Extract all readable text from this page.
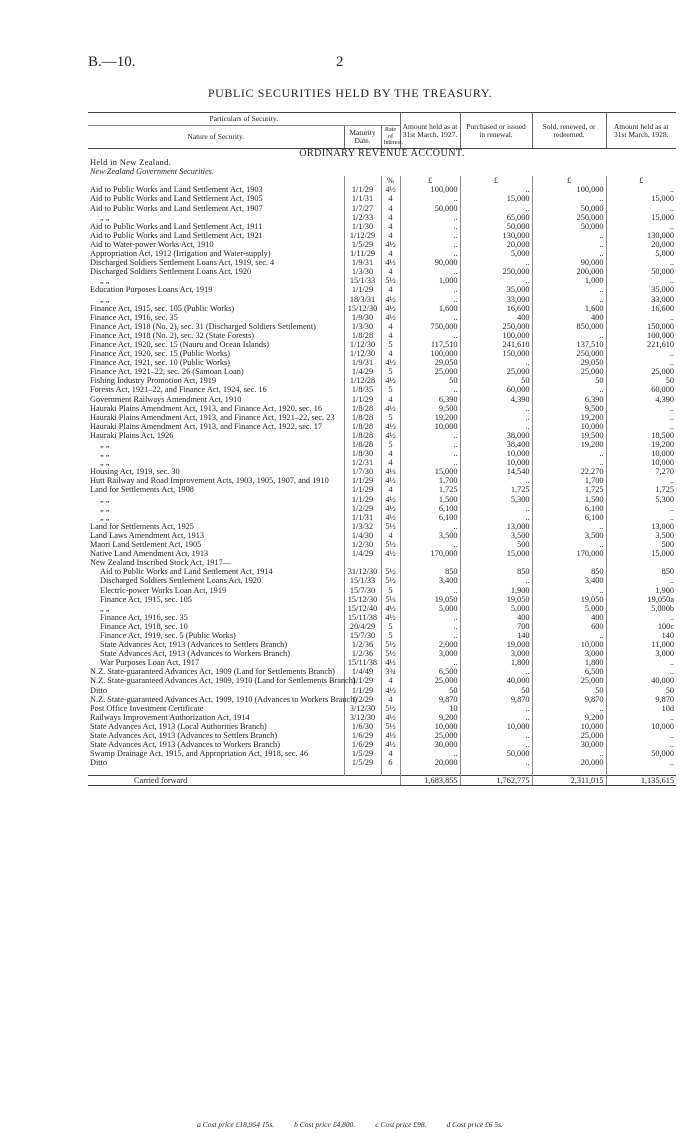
B.—10.	2
PUBLIC SECURITIES HELD BY THE TREASURY.
Particulars of Security.			Amount held as at 31st March, 1927.	Purchased or issued in renewal.	Sold, renewed, or redeemed.	Amount held as at 31st March, 1928.
Nature of Security.	Maturity Date.	Rate of Interest.				
ORDINARY REVENUE ACCOUNT.						
Held in New Zealand.						
New Zealand Government Securities.						
		%	£	£	£	£
Aid to Public Works and Land Settlement Act, 1903	1/1/29	4½	100,000	..	100,000	..
Aid to Public Works and Land Settlement Act, 1905	1/1/31	4	..	15,000	..	15,000
Aid to Public Works and Land Settlement Act, 1907	1/7/27	4	50,000	..	50,000	..
„ „	1/2/33	4	..	65,000	250,000	15,000
Aid to Public Works and Land Settlement Act, 1911	1/1/30	4	..	50,000	50,000	..
Aid to Public Works and Land Settlement Act, 1921	1/12/29	4	..	130,000	..	130,000
Aid to Water-power Works Act, 1910	1/5/29	4½	..	20,000	..	20,000
Appropriation Act, 1912 (Irrigation and Water-supply)	1/11/29	4	..	5,000	..	5,000
Discharged Soldiers Settlement Loans Act, 1919, sec. 4	1/9/31	4½	90,000	..	90,000	..
Discharged Soldiers Settlement Loans Act, 1920	1/3/30	4	..	250,000	200,000	50,000
„ „	15/1/33	5½	1,000	..	1,000	..
Education Purposes Loans Act, 1919	1/1/29	4	..	35,000	..	35,000
„ „	18/3/31	4½	..	33,000	..	33,000
Finance Act, 1915, sec. 105 (Public Works)	15/12/30	4½	1,600	16,600	1,600	16,600
Finance Act, 1916, sec. 35	1/9/30	4½	..	400	400	..
Finance Act, 1918 (No. 2), sec. 31 (Discharged Soldiers Settlement)	1/3/30	4	750,000	250,000	850,000	150,000
Finance Act, 1918 (No. 2), sec. 32 (State Forests)	1/8/28	4	..	100,000	..	100,000
Finance Act, 1920, sec. 15 (Nauru and Ocean Islands)	1/12/30	5	117,510	241,610	137,510	221,610
Finance Act, 1920, sec. 15 (Public Works)	1/12/30	4	100,000	150,000	250,000	..
Finance Act, 1921, sec. 10 (Public Works)	1/9/31	4½	29,050	..	29,050	..
Finance Act, 1921–22, sec. 26 (Samoan Loan)	1/4/29	5	25,000	25,000	25,000	25,000
Fishing Industry Promotion Act, 1919	1/12/28	4½	50	50	50	50
Forests Act, 1921–22, and Finance Act, 1924, sec. 16	1/8/35	5	..	60,000	..	60,000
Government Railways Amendment Act, 1910	1/1/29	4	6,390	4,390	6,390	4,390
Hauraki Plains Amendment Act, 1913, and Finance Act, 1920, sec. 16	1/8/28	4½	9,500	..	9,500	..
Hauraki Plains Amendment Act, 1913, and Finance Act, 1921–22, sec. 23	1/8/28	5	19,200	..	19,200	..
Hauraki Plains Amendment Act, 1913, and Finance Act, 1922, sec. 17	1/8/28	4½	10,000	..	10,000	..
Hauraki Plains Act, 1926	1/8/28	4½	..	38,000	19,500	18,500
„ „	1/8/28	5	..	38,400	19,200	19,200
„ „	1/8/30	4	..	10,000	..	10,000
„ „	1/2/31	4	..	10,000	..	10,000
Housing Act, 1919, sec. 30	1/7/30	4½	15,000	14,540	22,270	7,270
Hutt Railway and Road Improvement Acts, 1903, 1905, 1907, and 1910	1/1/29	4½	1,700	..	1,700	..
Land for Settlements Act, 1908	1/1/29	4	1,725	1,725	1,725	1,725
„ „	1/1/29	4½	1,500	5,300	1,500	5,300
„ „	1/2/29	4½	6,100	..	6,100	..
„ „	1/1/31	4½	6,100	..	6,100	..
Land for Settlements Act, 1925	1/3/32	5½	..	13,000	..	13,000
Land Laws Amendment Act, 1913	1/4/30	4	3,500	3,500	3,500	3,500
Maori Land Settlement Act, 1905	1/2/30	5½	..	500	..	500
Native Land Amendment Act, 1913	1/4/29	4½	170,000	15,000	170,000	15,000
New Zealand Inscribed Stock Act, 1917—						
Aid to Public Works and Land Settlement Act, 1914	31/12/30	5½	850	850	850	850
Discharged Soldiers Settlement Loans Act, 1920	15/1/33	5½	3,400	..	3,400	..
Electric-power Works Loan Act, 1919	15/7/30	5	..	1,900	..	1,900
Finance Act, 1915, sec. 105	15/12/30	5½	19,050	19,050	19,050	19,050a
„ „	15/12/40	4½	5,000	5,000	5,000	5,000b
Finance Act, 1916, sec. 35	15/11/38	4½	..	400	400	..
Finance Act, 1918, sec. 10	20/4/29	5	..	700	600	100c
Finance Act, 1919, sec. 5 (Public Works)	15/7/30	5	..	140	..	140
State Advances Act, 1913 (Advances to Settlers Branch)	1/2/36	5½	2,000	19,000	10,000	11,000
State Advances Act, 1913 (Advances to Workers Branch)	1/2/36	5½	3,000	3,000	3,000	3,000
War Purposes Loan Act, 1917	15/11/38	4½	..	1,800	1,800	..
N.Z. State-guaranteed Advances Act, 1909 (Land for Settlements Branch)	1/4/49	3¾	6,500	..	6,500	..
N.Z. State-guaranteed Advances Act, 1909, 1910 (Land for Settlements Branch)	1/1/29	4	25,000	40,000	25,000	40,000
Ditto	1/1/29	4½	50	50	50	50
N.Z. State-guaranteed Advances Act, 1909, 1910 (Advances to Workers Branch)	1/2/29	4	9,870	9,870	9,870	9,870
Post Office Investment Certificate	3/12/30	5½	10	..	..	10d
Railways Improvement Authorization Act, 1914	3/12/30	4½	9,200	..	9,200	..
State Advances Act, 1913 (Local Authorities Branch)	1/6/30	5½	10,000	10,000	10,000	10,000
State Advances Act, 1913 (Advances to Settlers Branch)	1/6/29	4½	25,000	..	25,000	..
State Advances Act, 1913 (Advances to Workers Branch)	1/6/29	4½	30,000	..	30,000	..
Swamp Drainage Act, 1915, and Appropriation Act, 1918, sec. 46	1/5/29	4	..	50,000	..	50,000
Ditto	1/5/29	6	20,000	..	20,000	..

Carried forward			1,683,855	1,762,775	2,311,015	1,135,615
a Cost price £18,954 15s.	b Cost price £4,800.	c Cost price £98.	d Cost price £6 5s.
